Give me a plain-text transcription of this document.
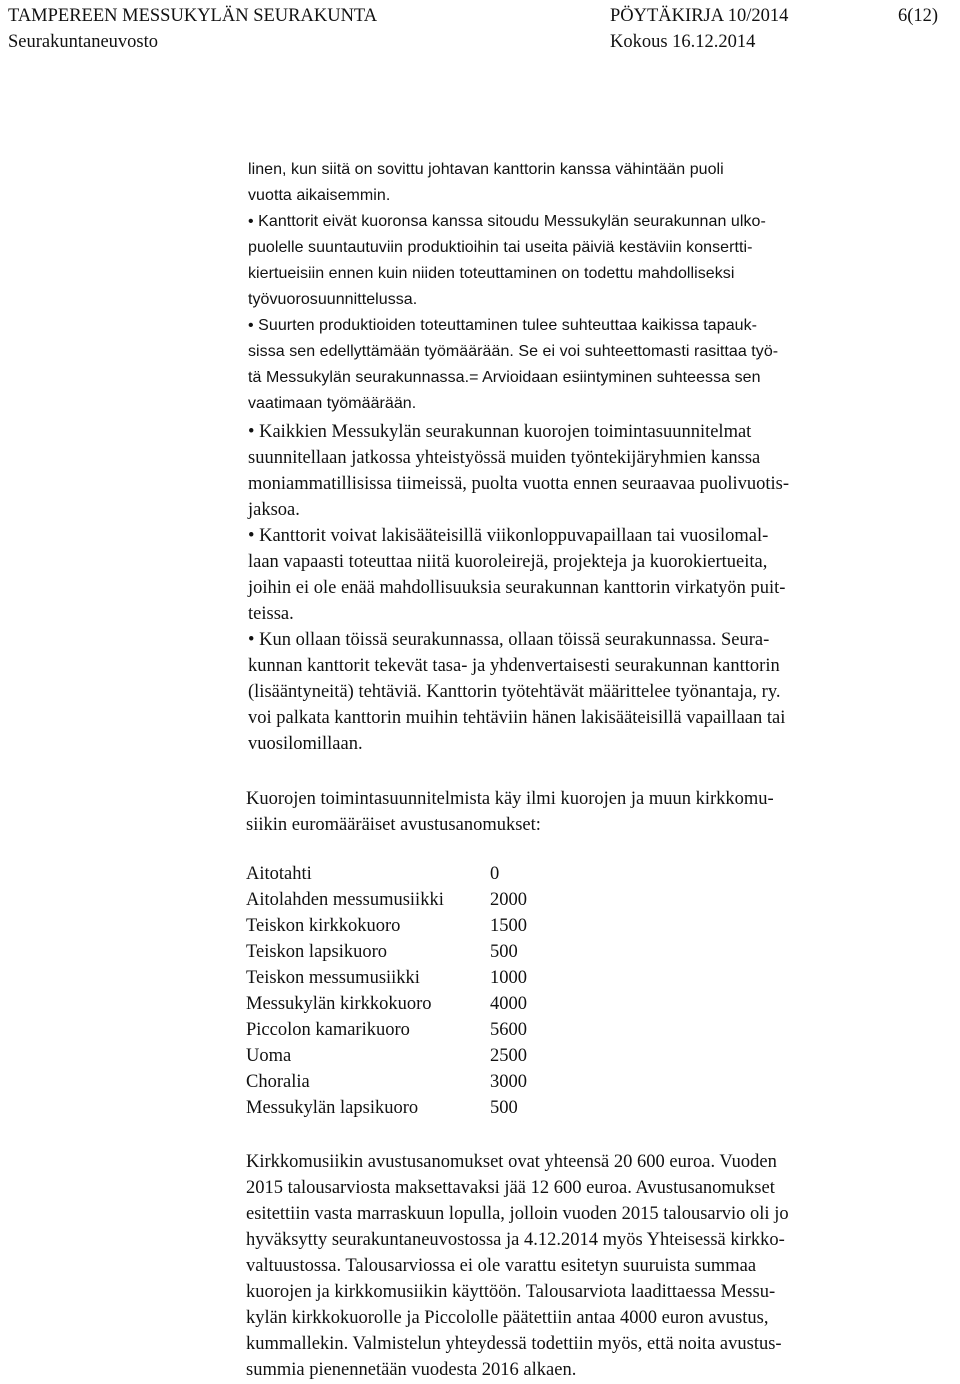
TAMPEREEN MESSUKYLÄN SEURAKUNTA
Seurakuntaneuvosto
PÖYTÄKIRJA 10/2014
Kokous 16.12.2014
6(12)
linen, kun siitä on sovittu johtavan kanttorin kanssa vähintään puoli
vuotta aikaisemmin.
• Kanttorit eivät kuoronsa kanssa sitoudu Messukylän seurakunnan ulko-
puolelle suuntautuviin produktioihin tai useita päiviä kestäviin konsertti-
kiertueisiin ennen kuin niiden toteuttaminen on todettu mahdolliseksi
työvuorosuunnittelussa.
• Suurten produktioiden toteuttaminen tulee suhteuttaa kaikissa tapauk-
sissa sen edellyttämään työmäärään. Se ei voi suhteettomasti rasittaa työ-
tä Messukylän seurakunnassa.= Arvioidaan esiintyminen suhteessa sen
vaatimaan työmäärään.
• Kaikkien Messukylän seurakunnan kuorojen toimintasuunnitelmat
suunnitellaan jatkossa yhteistyössä muiden työntekijäryhmien kanssa
moniammatillisissa tiimeissä, puolta vuotta ennen seuraavaa puolivuotis-
jaksoa.
• Kanttorit voivat lakisääteisillä viikonloppuvapaillaan tai vuosilomal-
laan vapaasti toteuttaa niitä kuoroleirejä, projekteja ja kuorokiertueita,
joihin ei ole enää mahdollisuuksia seurakunnan kanttorin virkatyön puit-
teissa.
• Kun ollaan töissä seurakunnassa, ollaan töissä seurakunnassa. Seura-
kunnan kanttorit tekevät tasa- ja yhdenvertaisesti seurakunnan kanttorin
(lisääntyneitä) tehtäviä. Kanttorin työtehtävät määrittelee työnantaja, ry.
voi palkata kanttorin muihin tehtäviin hänen lakisääteisillä vapaillaan tai
vuosilomillaan.
Kuorojen toimintasuunnitelmista käy ilmi kuorojen ja muun kirkkomu-
siikin euromääräiset avustusanomukset:
Aitotahti	0
Aitolahden messumusiikki 2000
Teiskon kirkkokuoro	1500
Teiskon lapsikuoro	500
Teiskon messumusiikki	1000
Messukylän kirkkokuoro	4000
Piccolon kamarikuoro	5600
Uoma	2500
Choralia	3000
Messukylän lapsikuoro	500
Kirkkomusiikin avustusanomukset ovat yhteensä 20 600 euroa. Vuoden
2015 talousarviosta maksettavaksi jää 12 600 euroa. Avustusanomukset
esitettiin vasta marraskuun lopulla, jolloin vuoden 2015 talousarvio oli jo
hyväksytty seurakuntaneuvostossa ja 4.12.2014 myös Yhteisessä kirkko-
valtuustossa. Talousarviossa ei ole varattu esitetyn suuruista summaa
kuorojen ja kirkkomusiikin käyttöön. Talousarviota laadittaessa Messu-
kylän kirkkokuorolle ja Piccololle päätettiin antaa 4000 euron avustus,
kummallekin. Valmistelun yhteydessä todettiin myös, että noita avustus-
summia pienennetään vuodesta 2016 alkaen.
